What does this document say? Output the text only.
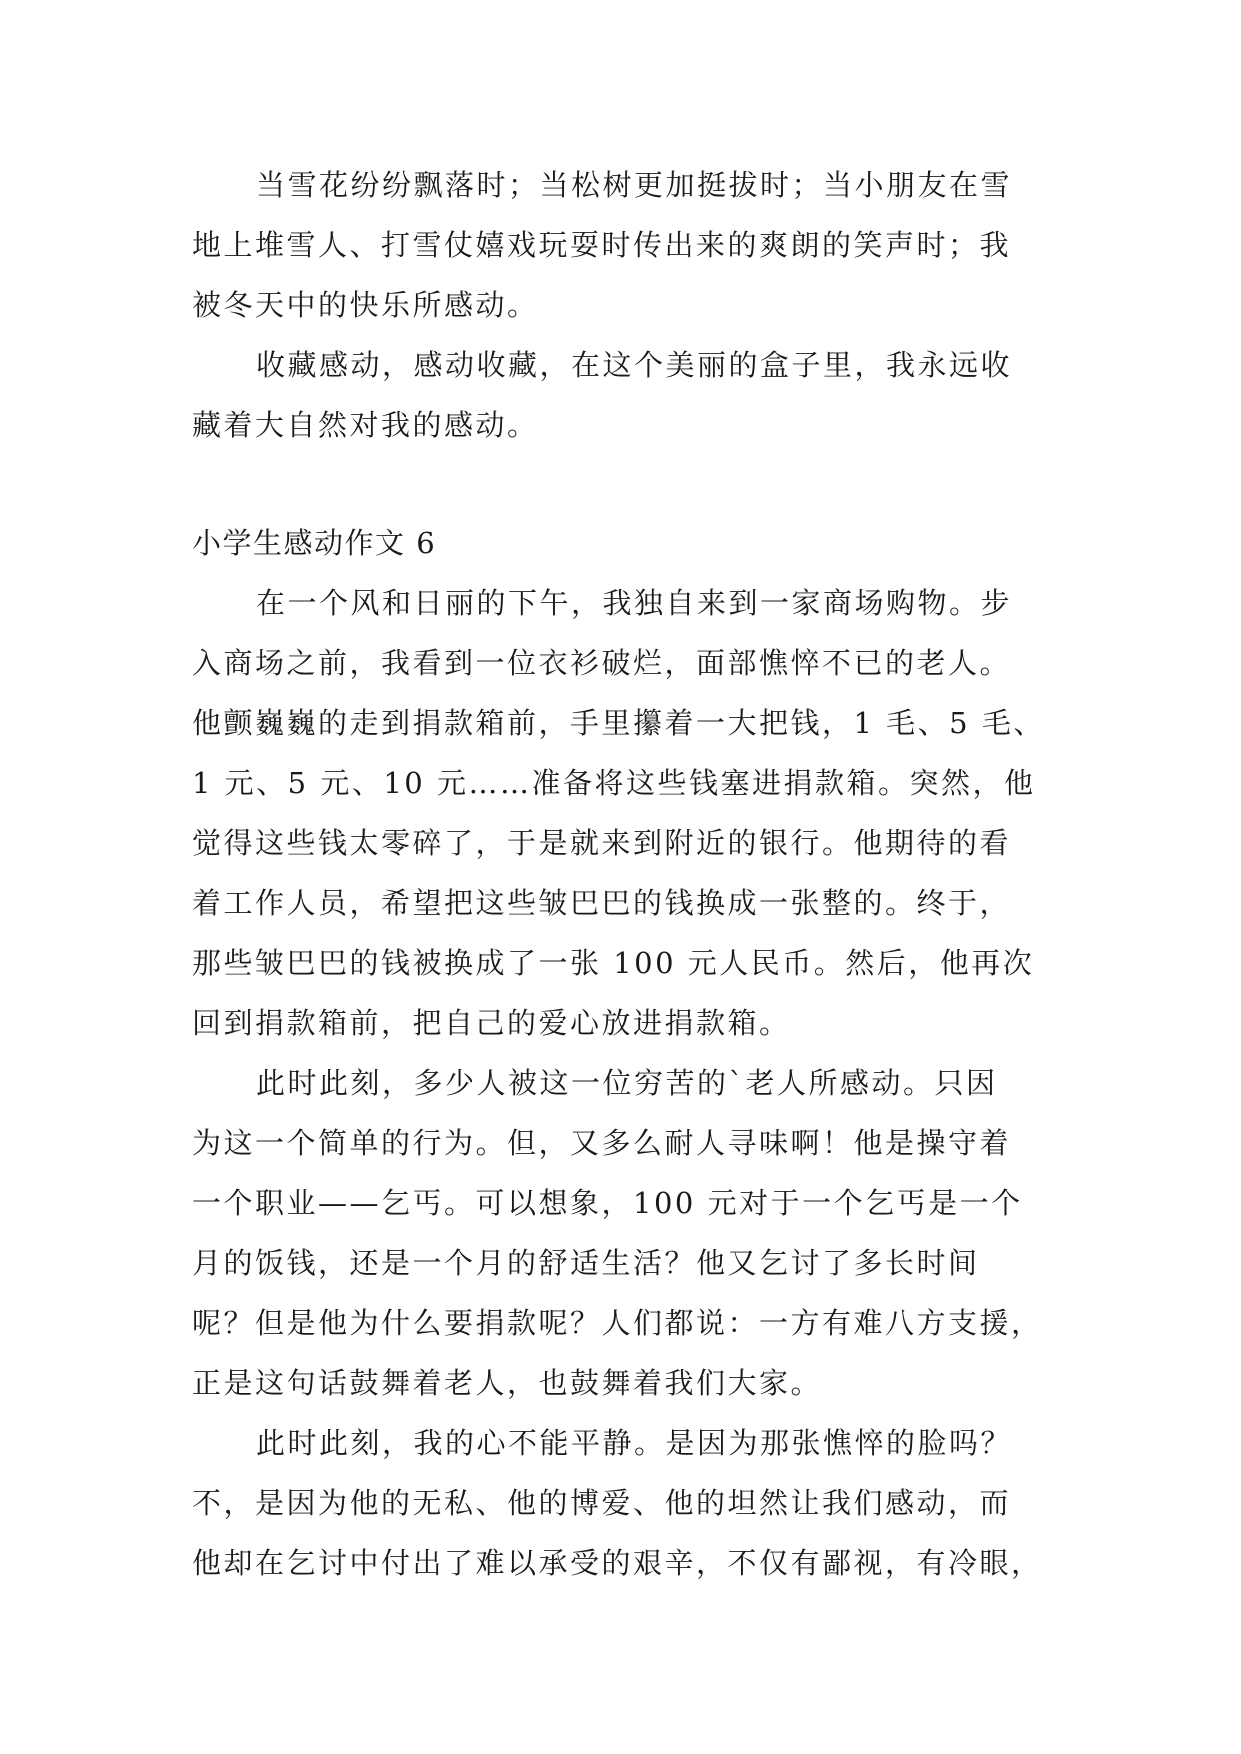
当雪花纷纷飘落时；当松树更加挺拔时；当小朋友在雪
地上堆雪人、打雪仗嬉戏玩耍时传出来的爽朗的笑声时；我
被冬天中的快乐所感动。
收藏感动，感动收藏，在这个美丽的盒子里，我永远收
藏着大自然对我的感动。
小学生感动作文 6
在一个风和日丽的下午，我独自来到一家商场购物。步
入商场之前，我看到一位衣衫破烂，面部憔悴不已的老人。
他颤巍巍的走到捐款箱前，手里攥着一大把钱，1 毛、5 毛、
1 元、5 元、10 元……准备将这些钱塞进捐款箱。突然，他
觉得这些钱太零碎了，于是就来到附近的银行。他期待的看
着工作人员，希望把这些皱巴巴的钱换成一张整的。终于，
那些皱巴巴的钱被换成了一张 100 元人民币。然后，他再次
回到捐款箱前，把自己的爱心放进捐款箱。
此时此刻，多少人被这一位穷苦的`老人所感动。只因
为这一个简单的行为。但，又多么耐人寻味啊！他是操守着
一个职业——乞丐。可以想象，100 元对于一个乞丐是一个
月的饭钱，还是一个月的舒适生活？他又乞讨了多长时间
呢？但是他为什么要捐款呢？人们都说：一方有难八方支援，
正是这句话鼓舞着老人，也鼓舞着我们大家。
此时此刻，我的心不能平静。是因为那张憔悴的脸吗？
不，是因为他的无私、他的博爱、他的坦然让我们感动，而
他却在乞讨中付出了难以承受的艰辛，不仅有鄙视，有冷眼，
